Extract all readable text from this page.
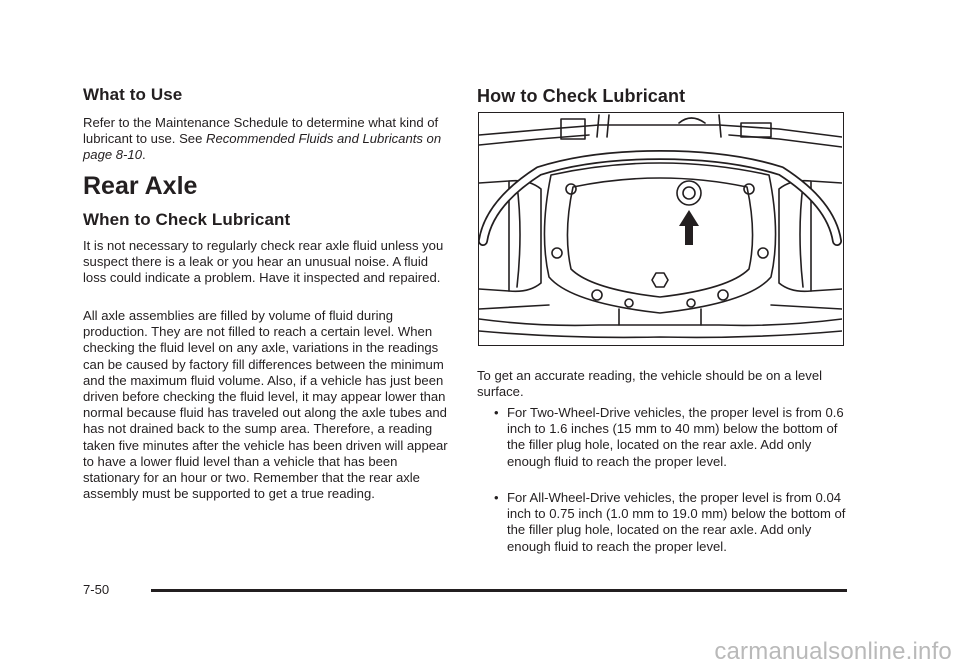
What to Use

Refer to the Maintenance Schedule to determine what kind of lubricant to use. See Recommended Fluids and Lubricants on page 8-10.

Rear Axle
When to Check Lubricant

It is not necessary to regularly check rear axle fluid unless you suspect there is a leak or you hear an unusual noise. A fluid loss could indicate a problem. Have it inspected and repaired.

All axle assemblies are filled by volume of fluid during production. They are not filled to reach a certain level. When checking the fluid level on any axle, variations in the readings can be caused by factory fill differences between the minimum and the maximum fluid volume. Also, if a vehicle has just been driven before checking the fluid level, it may appear lower than normal because fluid has traveled out along the axle tubes and has not drained back to the sump area. Therefore, a reading taken five minutes after the vehicle has been driven will appear to have a lower fluid level than a vehicle that has been stationary for an hour or two. Remember that the rear axle assembly must be supported to get a true reading.

How to Check Lubricant

To get an accurate reading, the vehicle should be on a level surface.

• For Two-Wheel-Drive vehicles, the proper level is from 0.6 inch to 1.6 inches (15 mm to 40 mm) below the bottom of the filler plug hole, located on the rear axle. Add only enough fluid to reach the proper level.

• For All-Wheel-Drive vehicles, the proper level is from 0.04 inch to 0.75 inch (1.0 mm to 19.0 mm) below the bottom of the filler plug hole, located on the rear axle. Add only enough fluid to reach the proper level.

7-50
carmanualsonline.info
